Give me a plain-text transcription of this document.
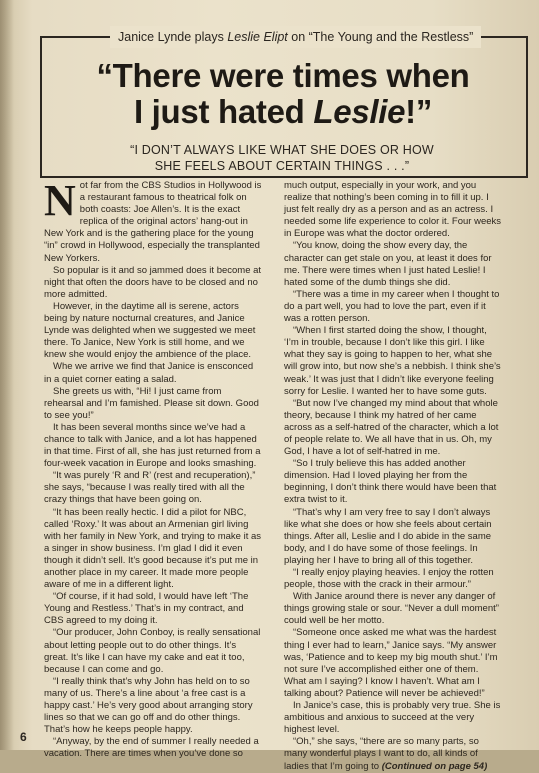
Janice Lynde plays Leslie Elipt on “The Young and the Restless”
“There were times when
I just hated Leslie!”
“I DON’T ALWAYS LIKE WHAT SHE DOES OR HOW
SHE FEELS ABOUT CERTAIN THINGS . . .”

Not far from the CBS Studios in Hollywood is a restaurant famous to theatrical folk on both coasts: Joe Allen’s. It is the exact replica of the original actors’ hang-out in New York and is the gathering place for the young “in” crowd in Hollywood, especially the transplanted New Yorkers.

So popular is it and so jammed does it become at night that often the doors have to be closed and no more admitted.

However, in the daytime all is serene, actors being by nature nocturnal creatures, and Janice Lynde was delighted when we suggested we meet there. To Janice, New York is still home, and we knew she would enjoy the ambience of the place.

Whe we arrive we find that Janice is ensconced in a quiet corner eating a salad.

She greets us with, “Hi! I just came from rehearsal and I’m famished. Please sit down. Good to see you!”

It has been several months since we’ve had a chance to talk with Janice, and a lot has happened in that time. First of all, she has just returned from a four-week vacation in Europe and looks smashing.

“It was purely ‘R and R’ (rest and recuperation),” she says, “because I was really tired with all the crazy things that have been going on.

“It has been really hectic. I did a pilot for NBC, called ‘Roxy.’ It was about an Armenian girl living with her family in New York, and trying to make it as a singer in show business. I’m glad I did it even though it didn’t sell. It’s good because it’s put me in another place in my career. It made more people aware of me in a different light.

“Of course, if it had sold, I would have left ‘The Young and Restless.’ That’s in my contract, and CBS agreed to my doing it.

“Our producer, John Conboy, is really sensational about letting people out to do other things. It’s great. It’s like I can have my cake and eat it too, because I can come and go.

“I really think that’s why John has held on to so many of us. There’s a line about ‘a free cast is a happy cast.’ He’s very good about arranging story lines so that we can go off and do other things. That’s how he keeps people happy.

“Anyway, by the end of summer I really needed a vacation. There are times when you’ve done so

much output, especially in your work, and you realize that nothing’s been coming in to fill it up. I just felt really dry as a person and as an actress. I needed some life experience to color it. Four weeks in Europe was what the doctor ordered.

“You know, doing the show every day, the character can get stale on you, at least it does for me. There were times when I just hated Leslie! I hated some of the dumb things she did.

“There was a time in my career when I thought to do a part well, you had to love the part, even if it was a rotten person.

“When I first started doing the show, I thought, ‘I’m in trouble, because I don’t like this girl. I like what they say is going to happen to her, what she will grow into, but now she’s a nebbish. I think she’s weak.’ It was just that I didn’t like everyone feeling sorry for Leslie. I wanted her to have some guts.

“But now I’ve changed my mind about that whole theory, because I think my hatred of her came across as a self-hatred of the character, which a lot of people relate to. We all have that in us. Oh, my God, I have a lot of self-hatred in me.

“So I truly believe this has added another dimension. Had I loved playing her from the beginning, I don’t think there would have been that extra twist to it.

“That’s why I am very free to say I don’t always like what she does or how she feels about certain things. After all, Leslie and I do abide in the same body, and I do have some of those feelings. In playing her I have to bring all of this together.

“I really enjoy playing heavies. I enjoy the rotten people, those with the crack in their armour.”

With Janice around there is never any danger of things growing stale or sour. “Never a dull moment” could well be her motto.

“Someone once asked me what was the hardest thing I ever had to learn,” Janice says. “My answer was, ‘Patience and to keep my big mouth shut.’ I’m not sure I’ve accomplished either one of them. What am I saying? I know I haven’t. What am I talking about? Patience will never be achieved!”

In Janice’s case, this is probably very true. She is ambitious and anxious to succeed at the very highest level.

“Oh,” she says, “there are so many parts, so many wonderful plays I want to do, all kinds of ladies that I’m going to (Continued on page 54)

6
